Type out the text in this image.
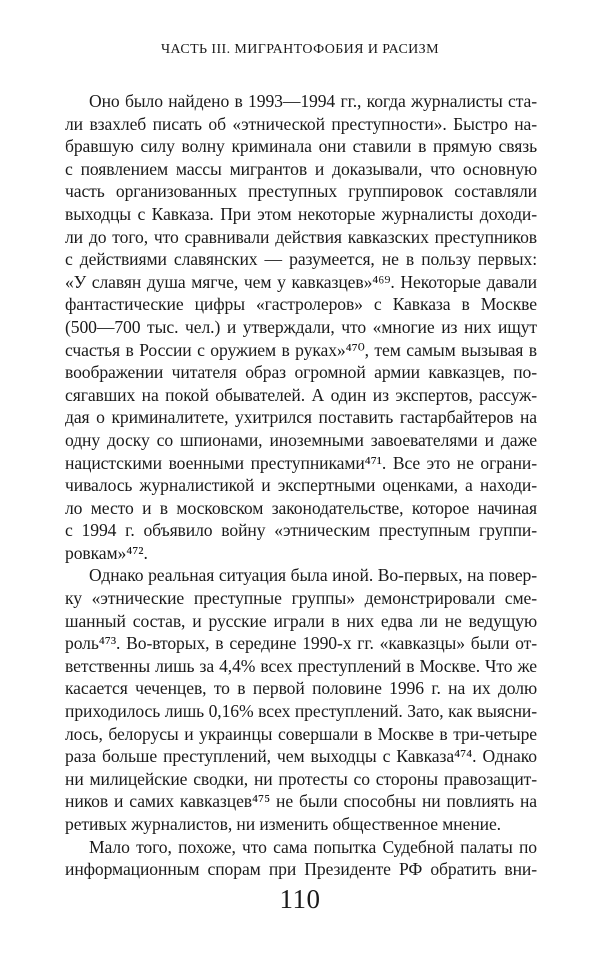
ЧАСТЬ III. МИГРАНТОФОБИЯ И РАСИЗМ
Оно было найдено в 1993—1994 гг., когда журналисты ста-
ли взахлеб писать об «этнической преступности». Быстро на-
бравшую силу волну криминала они ставили в прямую связь
с появлением массы мигрантов и доказывали, что основную
часть организованных преступных группировок составляли
выходцы с Кавказа. При этом некоторые журналисты доходи-
ли до того, что сравнивали действия кавказских преступников
с действиями славянских — разумеется, не в пользу первых:
«У славян душа мягче, чем у кавказцев»⁴⁶⁹. Некоторые давали
фантастические цифры «гастролеров» с Кавказа в Москве
(500—700 тыс. чел.) и утверждали, что «многие из них ищут
счастья в России с оружием в руках»⁴⁷⁰, тем самым вызывая в
воображении читателя образ огромной армии кавказцев, по-
сягавших на покой обывателей. А один из экспертов, рассуж-
дая о криминалитете, ухитрился поставить гастарбайтеров на
одну доску со шпионами, иноземными завоевателями и даже
нацистскими военными преступниками⁴⁷¹. Все это не ограни-
чивалось журналистикой и экспертными оценками, а находи-
ло место и в московском законодательстве, которое начиная
с 1994 г. объявило войну «этническим преступным группи-
ровкам»⁴⁷².
Однако реальная ситуация была иной. Во-первых, на повер-
ку «этнические преступные группы» демонстрировали сме-
шанный состав, и русские играли в них едва ли не ведущую
роль⁴⁷³. Во-вторых, в середине 1990-х гг. «кавказцы» были от-
ветственны лишь за 4,4% всех преступлений в Москве. Что же
касается чеченцев, то в первой половине 1996 г. на их долю
приходилось лишь 0,16% всех преступлений. Зато, как выясни-
лось, белорусы и украинцы совершали в Москве в три-четыре
раза больше преступлений, чем выходцы с Кавказа⁴⁷⁴. Однако
ни милицейские сводки, ни протесты со стороны правозащит-
ников и самих кавказцев⁴⁷⁵ не были способны ни повлиять на
ретивых журналистов, ни изменить общественное мнение.
Мало того, похоже, что сама попытка Судебной палаты по
информационным спорам при Президенте РФ обратить вни-
110
